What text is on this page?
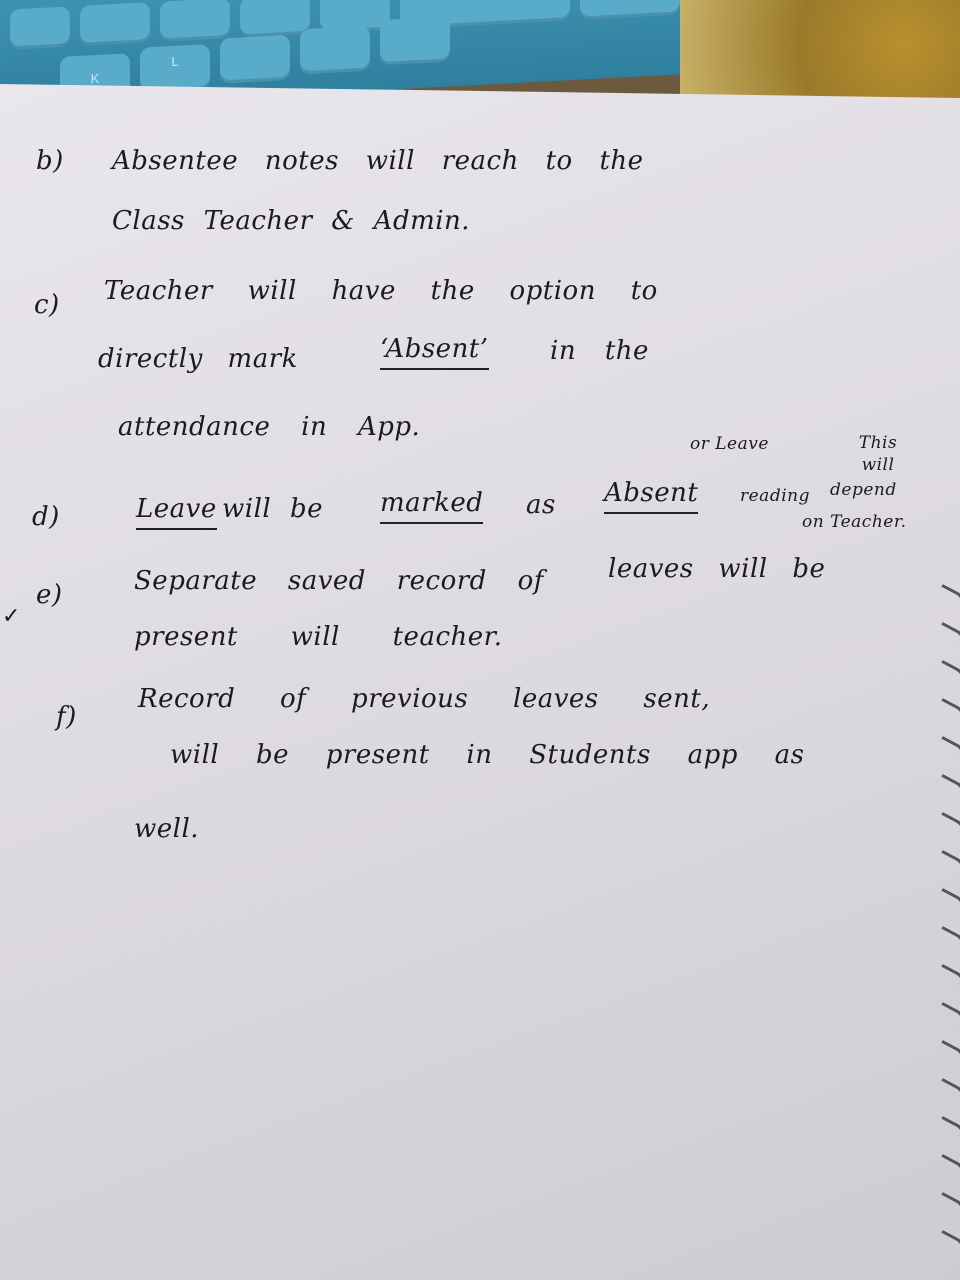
K
L
b) Absentee notes will reach to the
Class Teacher & Admin.
c) Teacher will have the option to
directly mark	‘Absent’ in the
attendance in App.
or Leave	This will
d)	Leave will be marked as Absent reading depend
on Teacher.
✓
e)	Separate saved record of leaves will be
present will teacher.
f)
Record of previous leaves sent,
will be present in Students app as
well.
